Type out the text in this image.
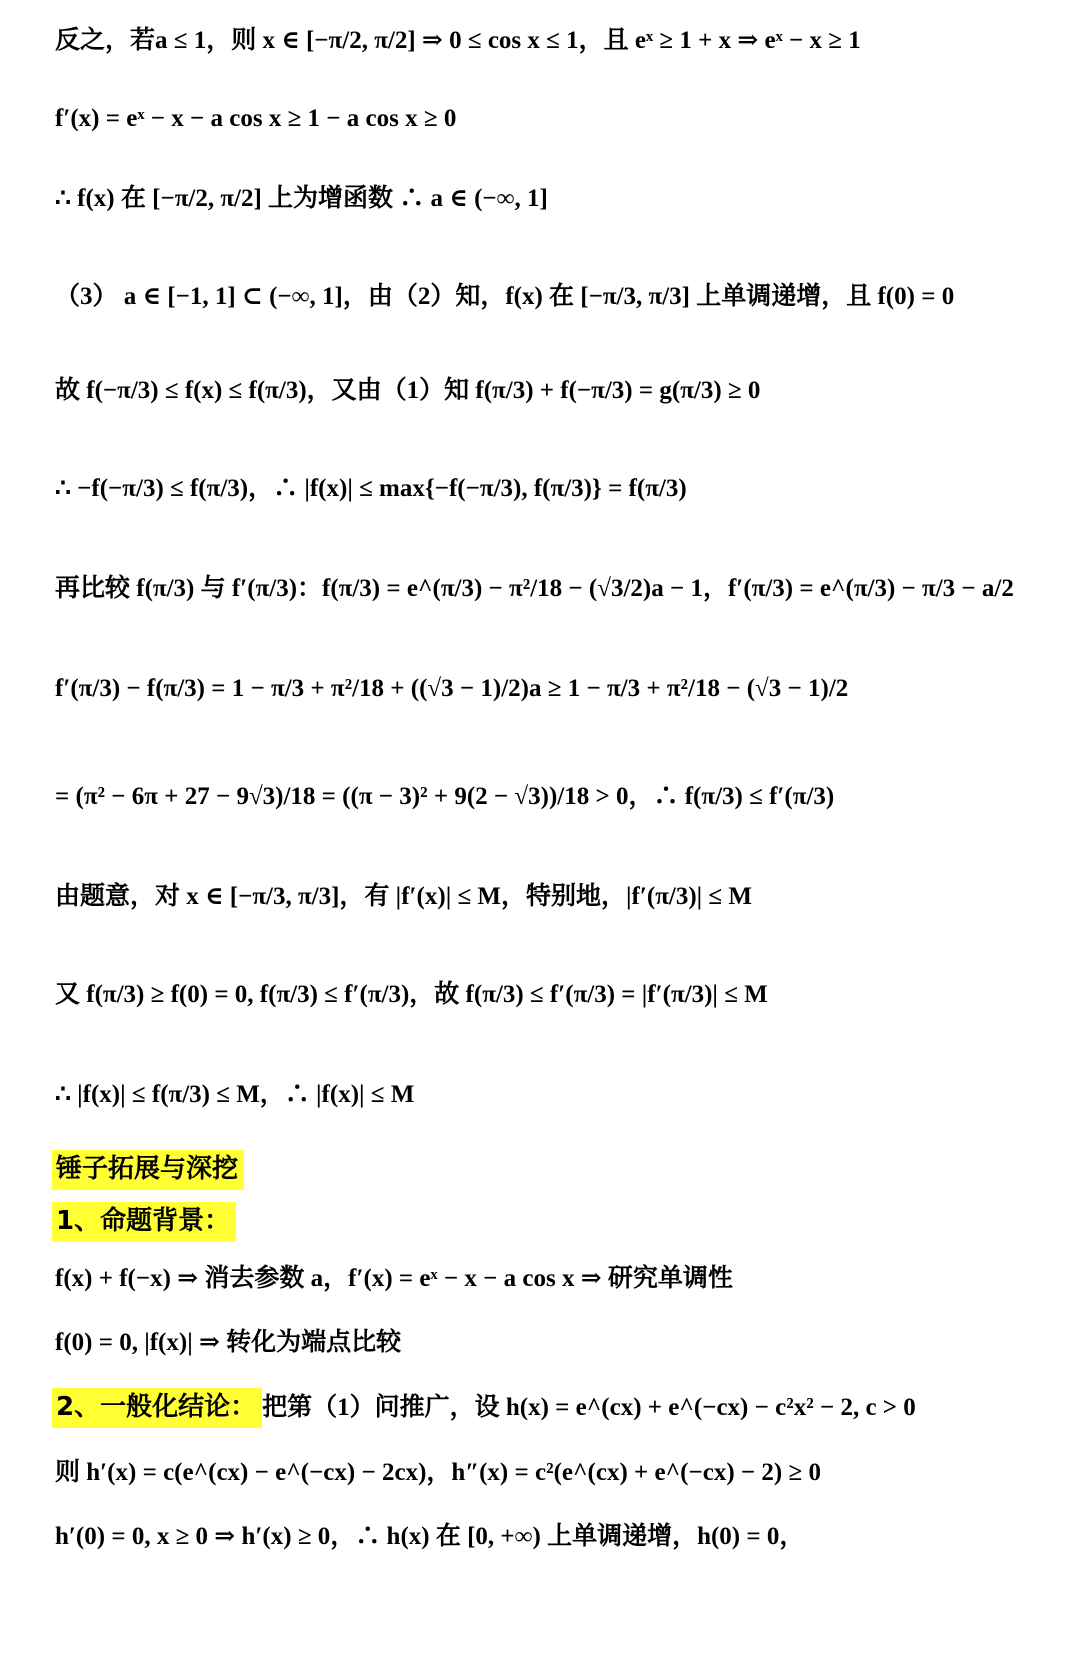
反之，若a ≤ 1，则 x ∈ [−π/2, π/2] ⇒ 0 ≤ cos x ≤ 1，且 eˣ ≥ 1 + x ⇒ eˣ − x ≥ 1
f′(x) = eˣ − x − a cos x ≥ 1 − a cos x ≥ 0
∴ f(x) 在 [−π/2, π/2] 上为增函数 ∴ a ∈ (−∞, 1]
（3） a ∈ [−1, 1] ⊂ (−∞, 1]，由（2）知，f(x) 在 [−π/3, π/3] 上单调递增，且 f(0) = 0
故 f(−π/3) ≤ f(x) ≤ f(π/3)，又由（1）知 f(π/3) + f(−π/3) = g(π/3) ≥ 0
∴ −f(−π/3) ≤ f(π/3)，∴ |f(x)| ≤ max{−f(−π/3), f(π/3)} = f(π/3)
再比较 f(π/3) 与 f′(π/3)：f(π/3) = e^(π/3) − π²/18 − (√3/2)a − 1，f′(π/3) = e^(π/3) − π/3 − a/2
f′(π/3) − f(π/3) = 1 − π/3 + π²/18 + ((√3 − 1)/2)a ≥ 1 − π/3 + π²/18 − (√3 − 1)/2
= (π² − 6π + 27 − 9√3)/18 = ((π − 3)² + 9(2 − √3))/18 > 0，∴ f(π/3) ≤ f′(π/3)
由题意，对 x ∈ [−π/3, π/3]，有 |f′(x)| ≤ M，特别地，|f′(π/3)| ≤ M
又 f(π/3) ≥ f(0) = 0, f(π/3) ≤ f′(π/3)，故 f(π/3) ≤ f′(π/3) = |f′(π/3)| ≤ M
∴ |f(x)| ≤ f(π/3) ≤ M，∴ |f(x)| ≤ M
锤子拓展与深挖
1、命题背景：
f(x) + f(−x) ⇒ 消去参数 a，f′(x) = eˣ − x − a cos x ⇒ 研究单调性
f(0) = 0, |f(x)| ⇒ 转化为端点比较
2、一般化结论： 把第（1）问推广，设 h(x) = e^(cx) + e^(−cx) − c²x² − 2, c > 0
则 h′(x) = c(e^(cx) − e^(−cx) − 2cx)，h″(x) = c²(e^(cx) + e^(−cx) − 2) ≥ 0
h′(0) = 0, x ≥ 0 ⇒ h′(x) ≥ 0，∴ h(x) 在 [0, +∞) 上单调递增，h(0) = 0，
